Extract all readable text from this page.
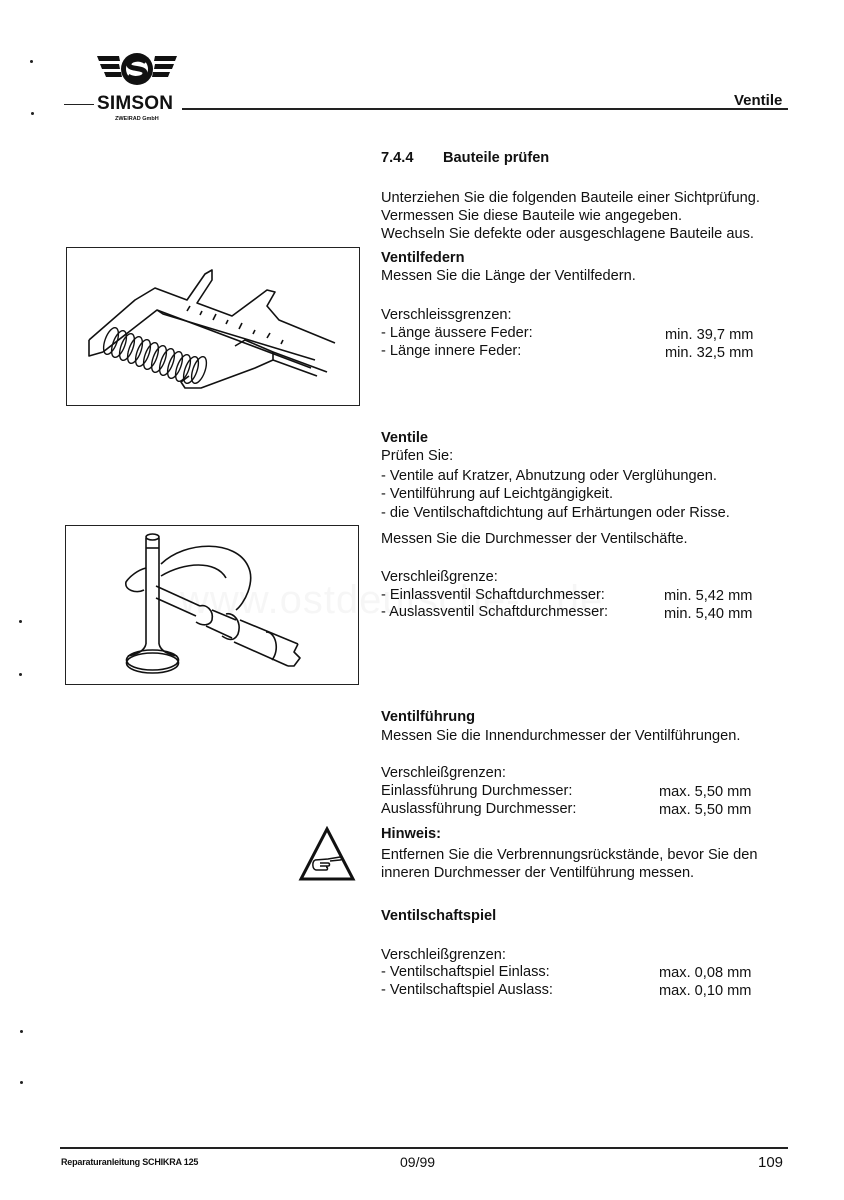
SIMSON
ZWEIRAD GmbH
Ventile
7.4.4 Bauteile prüfen
Unterziehen Sie die folgenden Bauteile einer Sichtprüfung.
Vermessen Sie diese Bauteile wie angegeben.
Wechseln Sie defekte oder ausgeschlagene Bauteile aus.
Ventilfedern
Messen Sie die Länge der Ventilfedern.
Verschleissgrenzen:
- Länge äussere Feder:	min. 39,7 mm
- Länge innere Feder:	min. 32,5 mm
Ventile
Prüfen Sie:
- Ventile auf Kratzer, Abnutzung oder Verglühungen.
- Ventilführung auf Leichtgängigkeit.
- die Ventilschaftdichtung auf Erhärtungen oder Risse.
Messen Sie die Durchmesser der Ventilschäfte.
Verschleißgrenze:
- Einlassventil Schaftdurchmesser:	min. 5,42 mm
- Auslassventil Schaftdurchmesser:	min. 5,40 mm
Ventilführung
Messen Sie die Innendurchmesser der Ventilführungen.
Verschleißgrenzen:
Einlassführung Durchmesser:	max. 5,50 mm
Auslassführung Durchmesser:	max. 5,50 mm
Hinweis:
Entfernen Sie die Verbrennungsrückstände, bevor Sie den
inneren Durchmesser der Ventilführung messen.
Ventilschaftspiel
Verschleißgrenzen:
- Ventilschaftspiel Einlass:	max. 0,08 mm
- Ventilschaftspiel Auslass:	max. 0,10 mm
Reparaturanleitung SCHIKRA 125	09/99	109
